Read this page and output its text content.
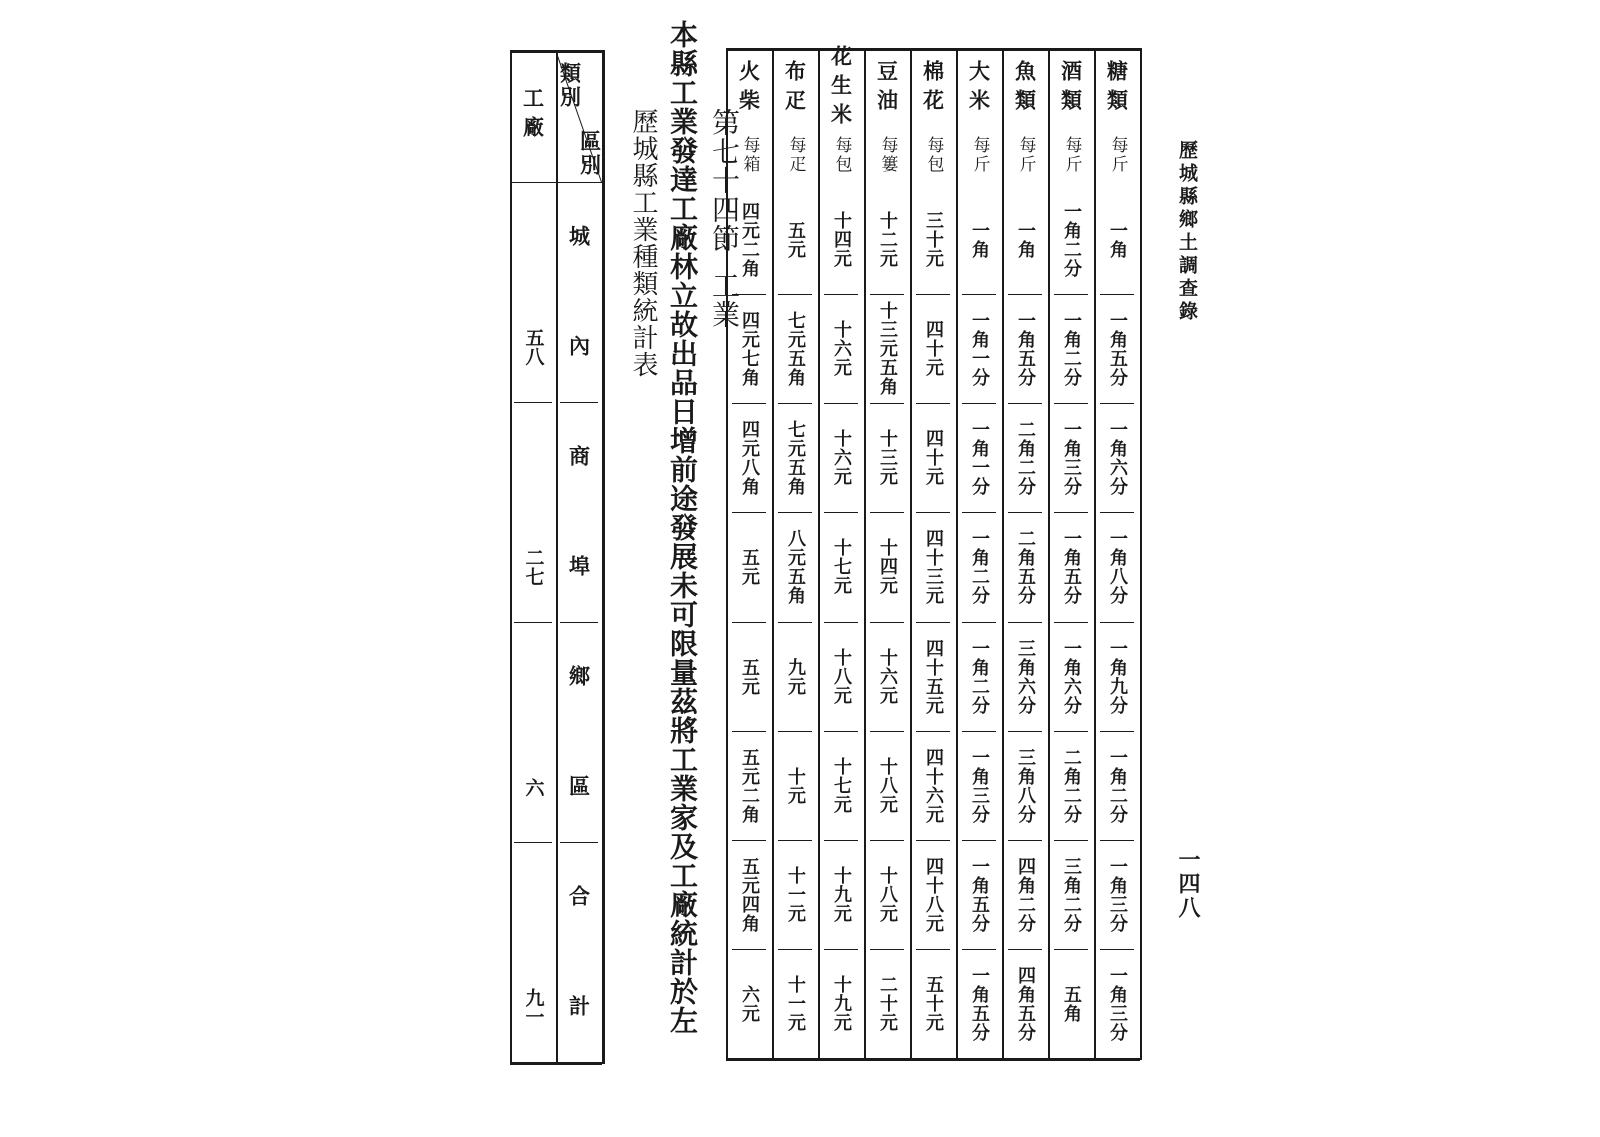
歷城縣鄉土調查錄
一四八
糖類
每斤
一角
一角五分
一角六分
一角八分
一角九分
一角二分
一角三分
一角三分
酒類
每斤
一角二分
一角二分
一角三分
一角五分
一角六分
二角二分
三角二分
五角
魚類
每斤
一角
一角五分
二角二分
二角五分
三角六分
三角八分
四角二分
四角五分
大米
每斤
一角
一角一分
一角一分
一角二分
一角二分
一角三分
一角五分
一角五分
棉花
每包
三十元
四十元
四十元
四十三元
四十五元
四十六元
四十八元
五十元
豆油
每簍
十二元
十三元五角
十三元
十四元
十六元
十八元
十八元
二十元
花生米
每包
十四元
十六元
十六元
十七元
十八元
十七元
十九元
十九元
布疋
每疋
五元
七元五角
七元五角
八元五角
九元
十元
十一元
十一元
火柴
每箱
四元二角
四元七角
四元八角
五元
五元
五元二角
五元四角
六元
本縣工業發達工廠林立故出品日增前途發展未可限量茲將工業家及工廠統計於左 第七十四節工業
歷城縣工業種類統計表
類別
區別
工廠
城
內
五八
商
埠
二七
鄉
區
六
合
計
九一
